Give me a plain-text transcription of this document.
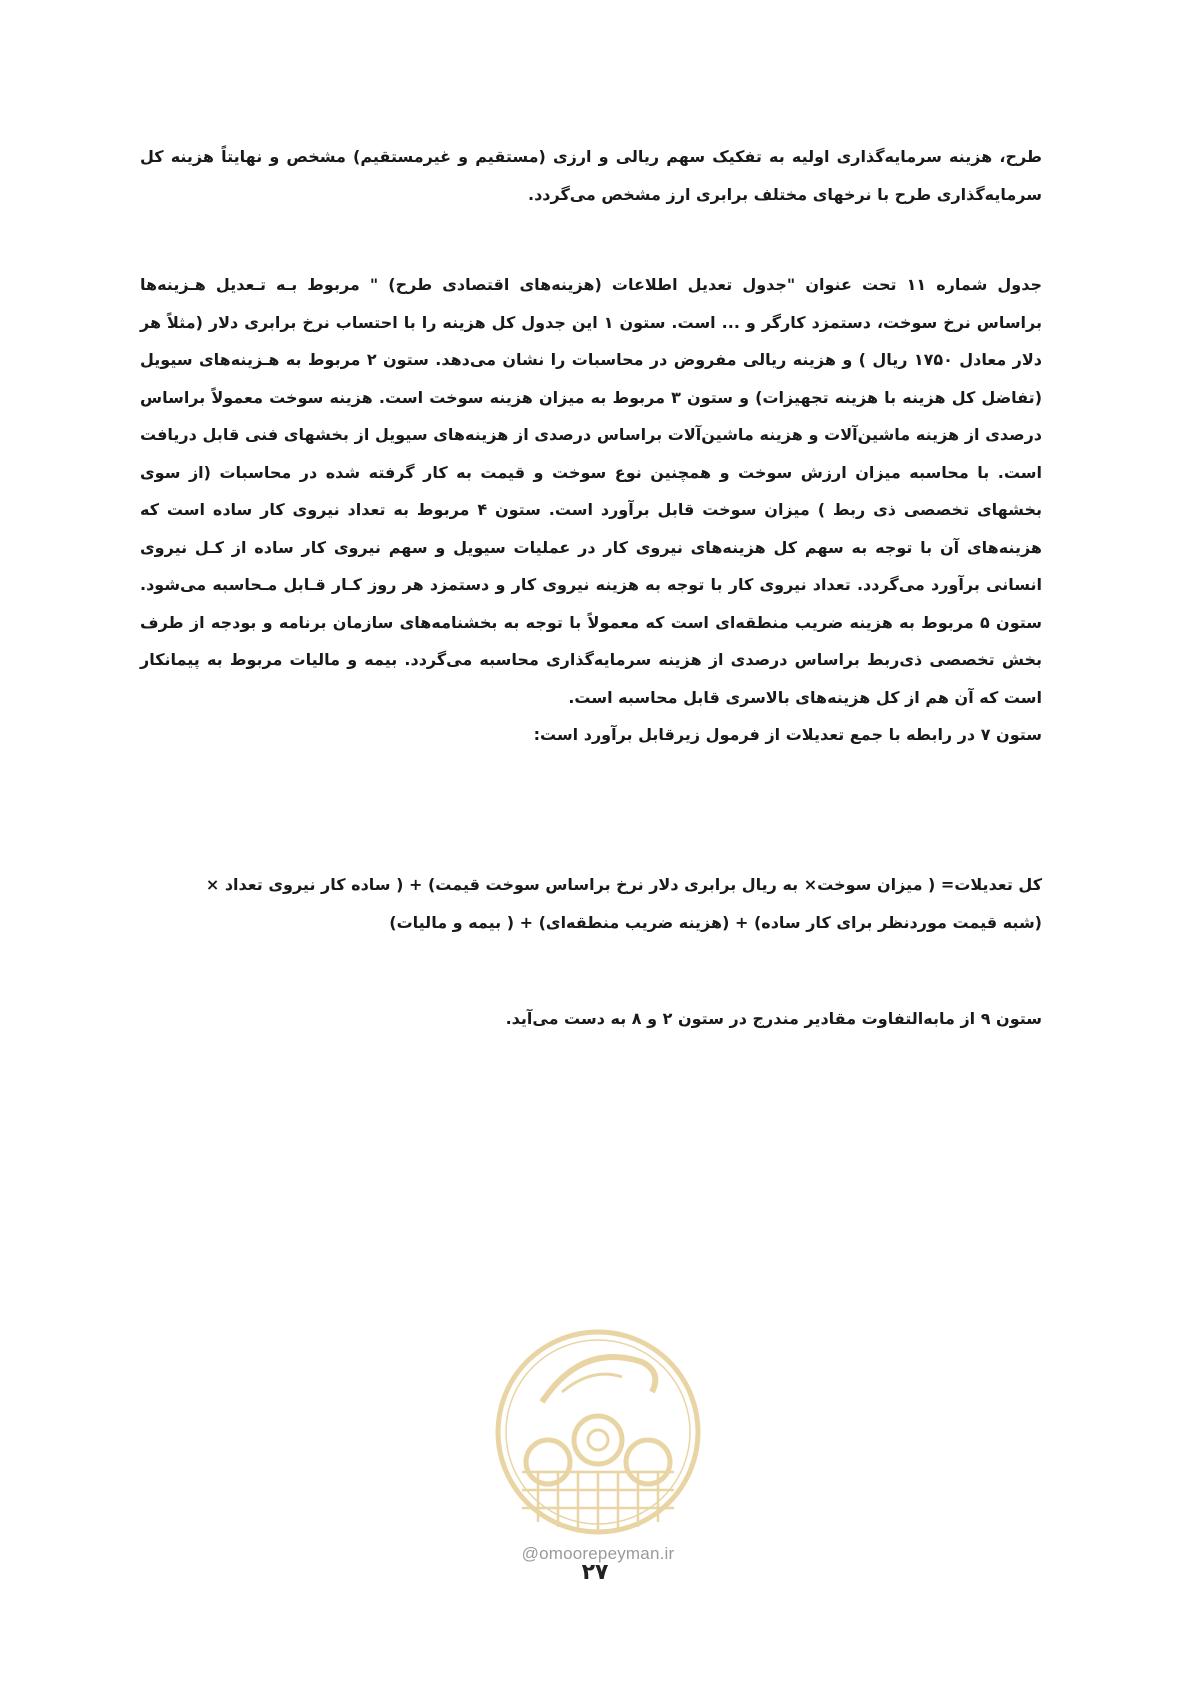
طرح، هزینه سرمایه‌گذاری اولیه به تفکیک سهم ریالی و ارزی (مستقیم و غیرمستقیم) مشخص و نهایتاً هزینه کل سرمایه‌گذاری طرح با نرخهای مختلف برابری ارز مشخص می‌گردد.

جدول شماره ۱۱ تحت عنوان "جدول تعدیل اطلاعات (هزینه‌های اقتصادی طرح) " مربوط بـه تـعدیل هـزینه‌ها براساس نرخ سوخت، دستمزد کارگر و ... است. ستون ۱ این جدول کل هزینه را با احتساب نرخ برابری دلار (مثلاً هر دلار معادل ۱۷۵۰ ریال ) و هزینه ریالی مفروض در محاسبات را نشان می‌دهد. ستون ۲ مربوط به هـزینه‌های سیویل (تفاضل کل هزینه با هزینه تجهیزات) و ستون ۳ مربوط به میزان هزینه سوخت است. هزینه سوخت معمولاً براساس درصدی از هزینه ماشین‌آلات و هزینه ماشین‌آلات براساس درصدی از هزینه‌های سیویل از بخشهای فنی قابل دریافت است. با محاسبه میزان ارزش سوخت و همچنین نوع سوخت و قیمت به کار گرفته شده در محاسبات (از سوی بخشهای تخصصی ذی ربط ) میزان سوخت قابل برآورد است. ستون ۴ مربوط به تعداد نیروی کار ساده است که هزینه‌های آن با توجه به سهم کل هزینه‌های نیروی کار در عملیات سیویل و سهم نیروی کار ساده از کـل نیروی انسانی برآورد می‌گردد. تعداد نیروی کار با توجه به هزینه نیروی کار و دستمزد هر روز کـار قـابل مـحاسبه می‌شود. ستون ۵ مربوط به هزینه ضریب منطقه‌ای است که معمولاً با توجه به بخشنامه‌های سازمان برنامه و بودجه از طرف بخش تخصصی ذی‌ربط براساس درصدی از هزینه سرمایه‌گذاری محاسبه می‌گردد. بیمه و مالیات مربوط به پیمانکار است که آن هم از کل هزینه‌های بالاسری قابل محاسبه است.

ستون ۷ در رابطه با جمع تعدیلات از فرمول زیرقابل برآورد است:

کل تعدیلات= ( میزان سوخت× به ریال برابری دلار نرخ براساس سوخت قیمت) + ( ساده کار نیروی تعداد ×

(شبه قیمت موردنظر برای کار ساده) + (هزینه ضریب منطقه‌ای) + ( بیمه و مالیات)

ستون ۹ از مابه‌التفاوت مقادیر مندرج در ستون ۲ و ۸ به دست می‌آید.

@omoorepeyman.ir
۲۷
